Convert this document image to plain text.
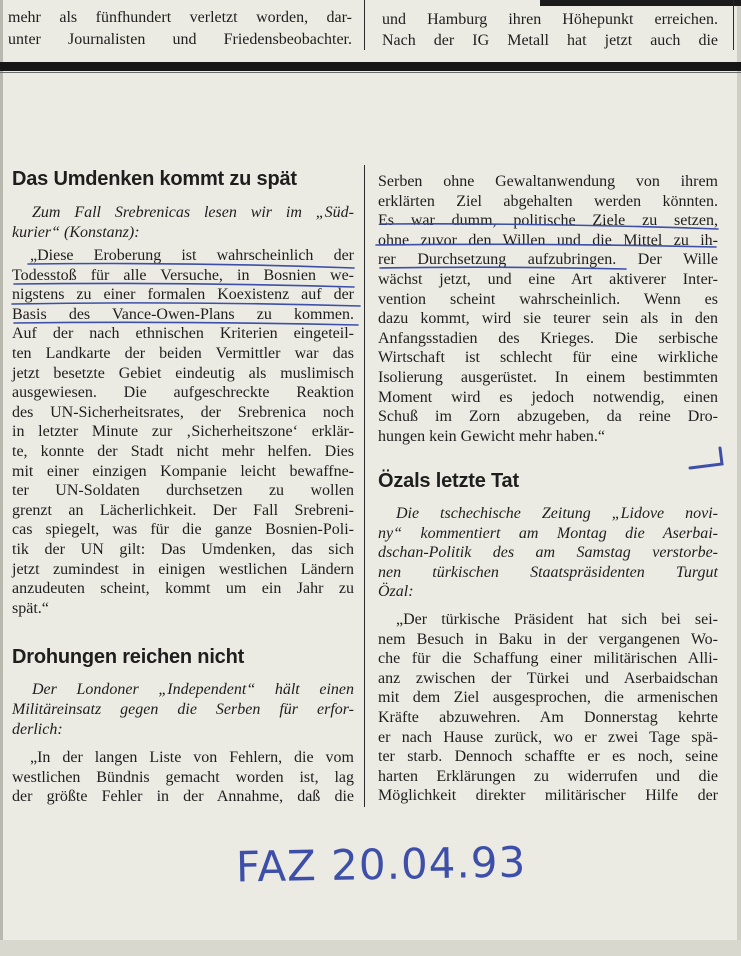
mehr als fünfhundert verletzt worden, dar-
unter Journalisten und Friedensbeobachter.
und Hamburg ihren Höhepunkt erreichen.
Nach der IG Metall hat jetzt auch die
Das Umdenken kommt zu spät
Zum Fall Srebrenicas lesen wir im „Süd-
kurier“ (Konstanz):
„Diese Eroberung ist wahrscheinlich der
Todesstoß für alle Versuche, in Bosnien we-
nigstens zu einer formalen Koexistenz auf der
Basis des Vance-Owen-Plans zu kommen.
Auf der nach ethnischen Kriterien eingeteil-
ten Landkarte der beiden Vermittler war das
jetzt besetzte Gebiet eindeutig als muslimisch
ausgewiesen. Die aufgeschreckte Reaktion
des UN-Sicherheitsrates, der Srebrenica noch
in letzter Minute zur ‚Sicherheitszone‘ erklär-
te, konnte der Stadt nicht mehr helfen. Dies
mit einer einzigen Kompanie leicht bewaffne-
ter UN-Soldaten durchsetzen zu wollen
grenzt an Lächerlichkeit. Der Fall Srebreni-
cas spiegelt, was für die ganze Bosnien-Poli-
tik der UN gilt: Das Umdenken, das sich
jetzt zumindest in einigen westlichen Ländern
anzudeuten scheint, kommt um ein Jahr zu
spät.“
Drohungen reichen nicht
Der Londoner „Independent“ hält einen
Militäreinsatz gegen die Serben für erfor-
derlich:
„In der langen Liste von Fehlern, die vom
westlichen Bündnis gemacht worden ist, lag
der größte Fehler in der Annahme, daß die
Serben ohne Gewaltanwendung von ihrem
erklärten Ziel abgehalten werden könnten.
Es war dumm, politische Ziele zu setzen,
ohne zuvor den Willen und die Mittel zu ih-
rer Durchsetzung aufzubringen. Der Wille
wächst jetzt, und eine Art aktiverer Inter-
vention scheint wahrscheinlich. Wenn es
dazu kommt, wird sie teurer sein als in den
Anfangsstadien des Krieges. Die serbische
Wirtschaft ist schlecht für eine wirkliche
Isolierung ausgerüstet. In einem bestimmten
Moment wird es jedoch notwendig, einen
Schuß im Zorn abzugeben, da reine Dro-
hungen kein Gewicht mehr haben.“
Özals letzte Tat
Die tschechische Zeitung „Lidove novi-
ny“ kommentiert am Montag die Aserbai-
dschan-Politik des am Samstag verstorbe-
nen türkischen Staatspräsidenten Turgut
Özal:
„Der türkische Präsident hat sich bei sei-
nem Besuch in Baku in der vergangenen Wo-
che für die Schaffung einer militärischen Alli-
anz zwischen der Türkei und Aserbaidschan
mit dem Ziel ausgesprochen, die armenischen
Kräfte abzuwehren. Am Donnerstag kehrte
er nach Hause zurück, wo er zwei Tage spä-
ter starb. Dennoch schaffte er es noch, seine
harten Erklärungen zu widerrufen und die
Möglichkeit direkter militärischer Hilfe der
FAZ 20.04.93
